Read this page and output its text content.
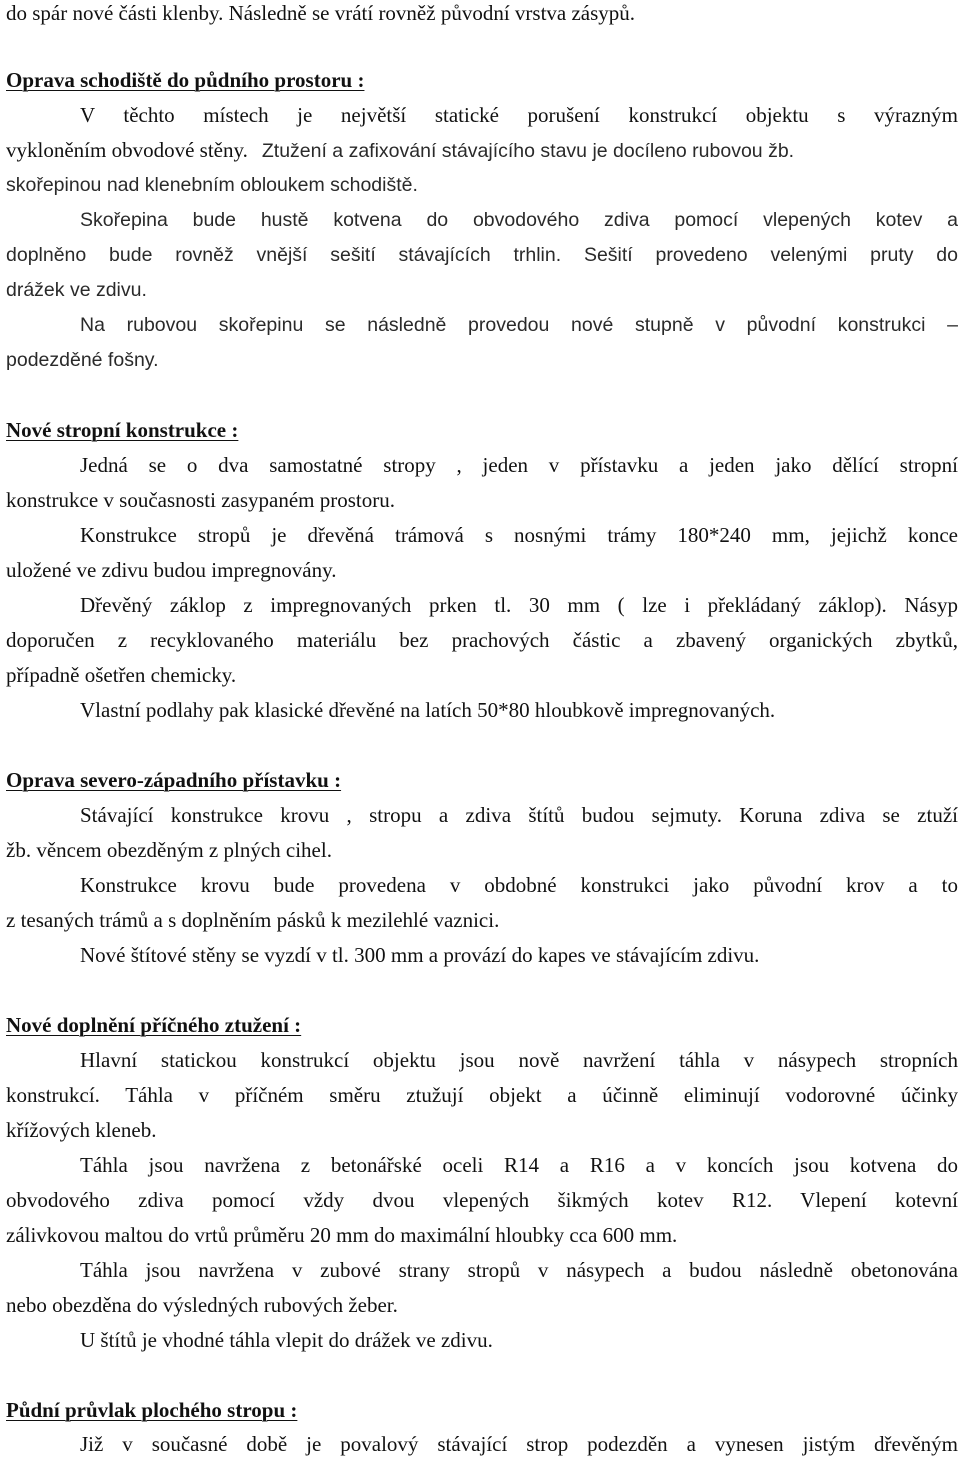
do spár nové části klenby. Následně se vrátí rovněž původní vrstva zásypů.
Oprava schodiště do půdního prostoru :
V těchto místech je největší statické porušení konstrukcí objektu s výrazným
vykloněním obvodové stěny. Ztužení a zafixování stávajícího stavu je docíleno rubovou žb.
skořepinou nad klenebním obloukem schodiště.
Skořepina bude hustě kotvena do obvodového zdiva pomocí vlepených kotev a
doplněno bude rovněž vnější sešití stávajících trhlin. Sešití provedeno velenými pruty do
drážek ve zdivu.
Na rubovou skořepinu se následně provedou nové stupně v původní konstrukci –
podezděné fošny.
Nové stropní konstrukce :
Jedná se o dva samostatné stropy , jeden v přístavku a jeden jako dělící stropní
konstrukce v současnosti zasypaném prostoru.
Konstrukce stropů je dřevěná trámová s nosnými trámy 180*240 mm, jejichž konce
uložené ve zdivu budou impregnovány.
Dřevěný záklop z impregnovaných prken tl. 30 mm ( lze i překládaný záklop). Násyp
doporučen z recyklovaného materiálu bez prachových částic a zbavený organických zbytků,
případně ošetřen chemicky.
Vlastní podlahy pak klasické dřevěné na latích 50*80 hloubkově impregnovaných.
Oprava severo-západního přístavku :
Stávající konstrukce krovu , stropu a zdiva štítů budou sejmuty. Koruna zdiva se ztuží
žb. věncem obezděným z plných cihel.
Konstrukce krovu bude provedena v obdobné konstrukci jako původní krov a to
z tesaných trámů a s doplněním pásků k mezilehlé vaznici.
Nové štítové stěny se vyzdí v tl. 300 mm a provází do kapes ve stávajícím zdivu.
Nové doplnění příčného ztužení :
Hlavní statickou konstrukcí objektu jsou nově navržení táhla v násypech stropních
konstrukcí. Táhla v příčném směru ztužují objekt a účinně eliminují vodorovné účinky
křížových kleneb.
Táhla jsou navržena z betonářské oceli R14 a R16 a v koncích jsou kotvena do
obvodového zdiva pomocí vždy dvou vlepených šikmých kotev R12. Vlepení kotevní
zálivkovou maltou do vrtů průměru 20 mm do maximální hloubky cca 600 mm.
Táhla jsou navržena v zubové strany stropů v násypech a budou následně obetonována
nebo obezděna do výsledných rubových žeber.
U štítů je vhodné táhla vlepit do drážek ve zdivu.
Půdní průvlak plochého stropu :
Již v současné době je povalový stávající strop podezděn a vynesen jistým dřevěným
